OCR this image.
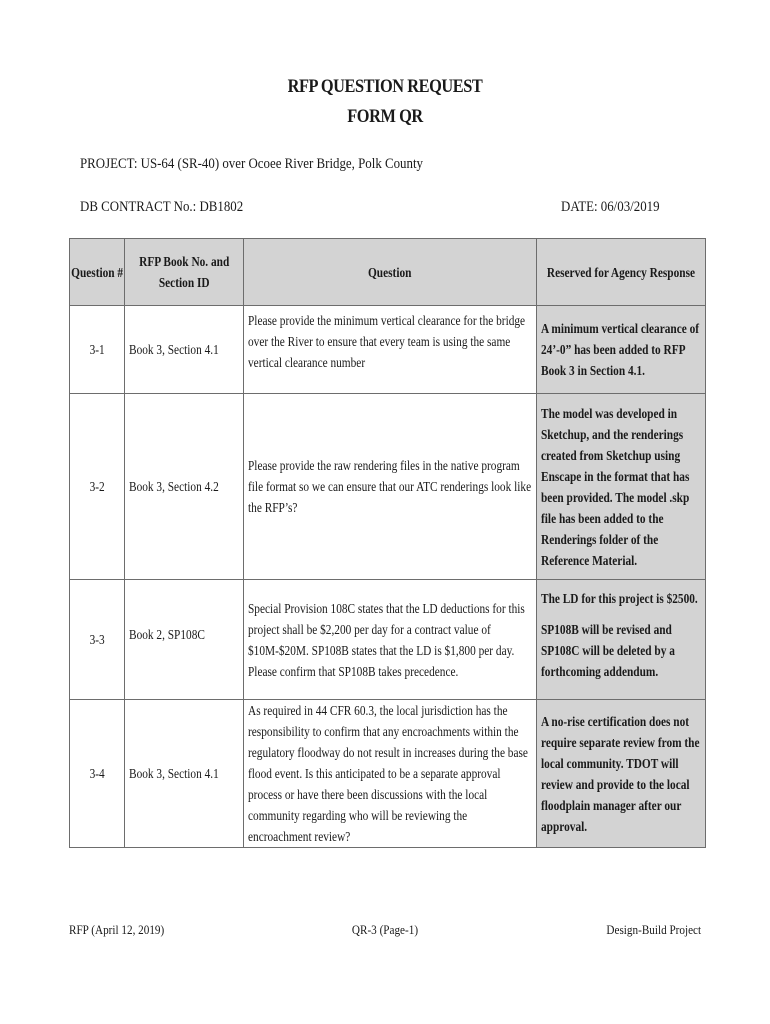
RFP QUESTION REQUEST
FORM QR
PROJECT: US-64 (SR-40) over Ocoee River Bridge, Polk County
DB CONTRACT No.: DB1802	DATE: 06/03/2019
Question #	RFP Book No. and Section ID	Question	Reserved for Agency Response

3-1	Book 3, Section 4.1	Please provide the minimum vertical clearance for the bridge over the River to ensure that every team is using the same vertical clearance number	A minimum vertical clearance of 24’-0” has been added to RFP Book 3 in Section 4.1.

3-2	Book 3, Section 4.2	Please provide the raw rendering files in the native program file format so we can ensure that our ATC renderings look like the RFP’s?	The model was developed in Sketchup, and the renderings created from Sketchup using Enscape in the format that has been provided. The model .skp file has been added to the Renderings folder of the Reference Material.

3-3	Book 2, SP108C	Special Provision 108C states that the LD deductions for this project shall be $2,200 per day for a contract value of $10M-$20M. SP108B states that the LD is $1,800 per day. Please confirm that SP108B takes precedence.	The LD for this project is $2500.

SP108B will be revised and SP108C will be deleted by a forthcoming addendum.

3-4	Book 3, Section 4.1	As required in 44 CFR 60.3, the local jurisdiction has the responsibility to confirm that any encroachments within the regulatory floodway do not result in increases during the base flood event. Is this anticipated to be a separate approval process or have there been discussions with the local community regarding who will be reviewing the encroachment review?	A no-rise certification does not require separate review from the local community. TDOT will review and provide to the local floodplain manager after our approval.

RFP (April 12, 2019)	QR-3 (Page-1)	Design-Build Project
